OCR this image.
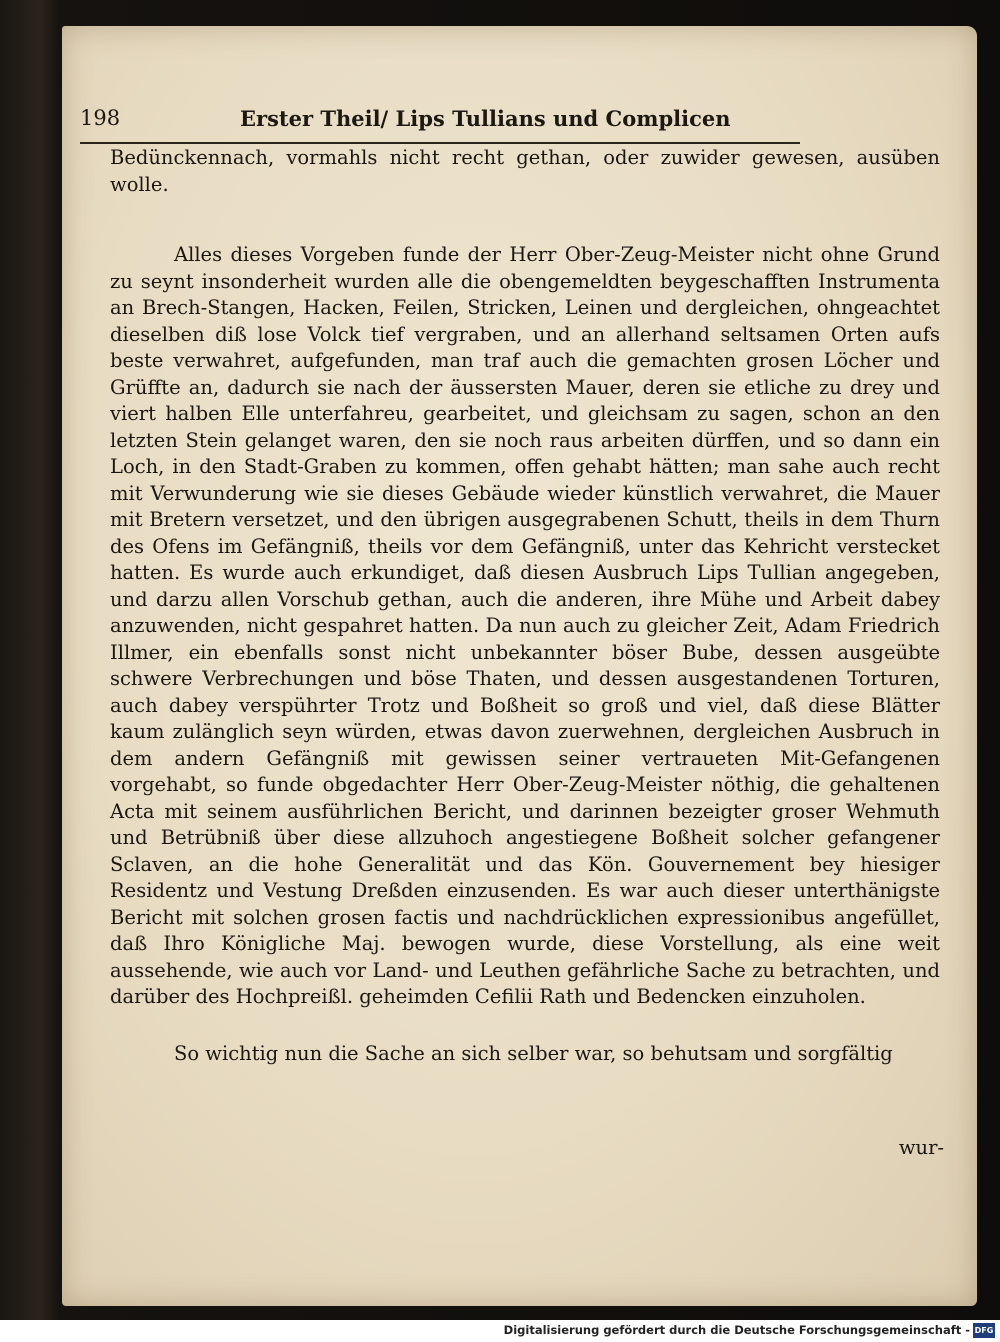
198	Erster Theil/ Lips Tullians und Complicen

Bedünckennach, vormahls nicht recht gethan, oder zuwider gewesen, ausüben wolle.

Alles dieses Vorgeben funde der Herr Ober-Zeug-Meister nicht ohne Grund zu seynt insonderheit wurden alle die obengemeldten beygeschafften Instrumenta an Brech-Stangen, Hacken, Feilen, Stricken, Leinen und dergleichen, ohngeachtet dieselben diß lose Volck tief vergraben, und an allerhand seltsamen Orten aufs beste verwahret, aufgefunden, man traf auch die gemachten grosen Löcher und Grüffte an, dadurch sie nach der äussersten Mauer, deren sie etliche zu drey und viert halben Elle unterfahreu, gearbeitet, und gleichsam zu sagen, schon an den letzten Stein gelanget waren, den sie noch raus arbeiten dürffen, und so dann ein Loch, in den Stadt-Graben zu kommen, offen gehabt hätten; man sahe auch recht mit Verwunderung wie sie dieses Gebäude wieder künstlich verwahret, die Mauer mit Bretern versetzet, und den übrigen ausgegrabenen Schutt, theils in dem Thurn des Ofens im Gefängniß, theils vor dem Gefängniß, unter das Kehricht verstecket hatten. Es wurde auch erkundiget, daß diesen Ausbruch Lips Tullian angegeben, und darzu allen Vorschub gethan, auch die anderen, ihre Mühe und Arbeit dabey anzuwenden, nicht gespahret hatten. Da nun auch zu gleicher Zeit, Adam Friedrich Illmer, ein ebenfalls sonst nicht unbekannter böser Bube, dessen ausgeübte schwere Verbrechungen und böse Thaten, und dessen ausgestandenen Torturen, auch dabey verspührter Trotz und Boßheit so groß und viel, daß diese Blätter kaum zulänglich seyn würden, etwas davon zuerwehnen, dergleichen Ausbruch in dem andern Gefängniß mit gewissen seiner vertraueten Mit-Gefangenen vorgehabt, so funde obgedachter Herr Ober-Zeug-Meister nöthig, die gehaltenen Acta mit seinem ausführlichen Bericht, und darinnen bezeigter groser Wehmuth und Betrübniß über diese allzuhoch angestiegene Boßheit solcher gefangener Sclaven, an die hohe Generalität und das Kön. Gouvernement bey hiesiger Residentz und Vestung Dreßden einzusenden. Es war auch dieser unterthänigste Bericht mit solchen grosen factis und nachdrücklichen expressionibus angefüllet, daß Ihro Königliche Maj. bewogen wurde, diese Vorstellung, als eine weit aussehende, wie auch vor Land- und Leuthen gefährliche Sache zu betrachten, und darüber des Hochpreißl. geheimden Cefilii Rath und Bedencken einzuholen.

So wichtig nun die Sache an sich selber war, so behutsam und sorgfältig

wur-
Digitalisierung gefördert durch die Deutsche Forschungsgemeinschaft - DFG
